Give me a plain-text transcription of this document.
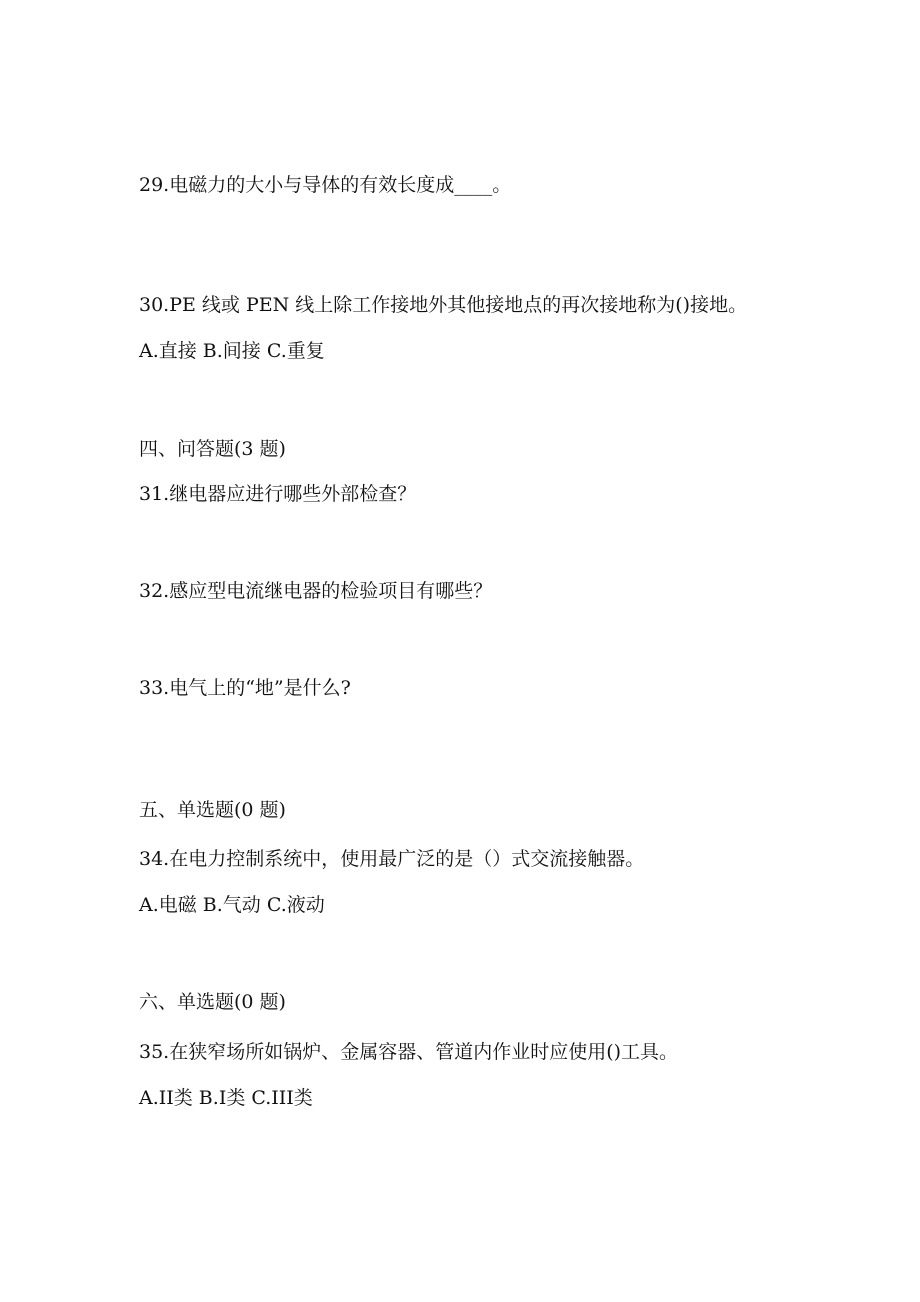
29.电磁力的大小与导体的有效长度成____。

30.PE 线或 PEN 线上除工作接地外其他接地点的再次接地称为()接地。

A.直接 B.间接 C.重复

四、问答题(3 题)

31.继电器应进行哪些外部检查？

32.感应型电流继电器的检验项目有哪些？

33.电气上的“地”是什么?

五、单选题(0 题)

34.在电力控制系统中，使用最广泛的是（）式交流接触器。

A.电磁 B.气动 C.液动

六、单选题(0 题)

35.在狭窄场所如锅炉、金属容器、管道内作业时应使用()工具。

A.II类 B.I类 C.III类
